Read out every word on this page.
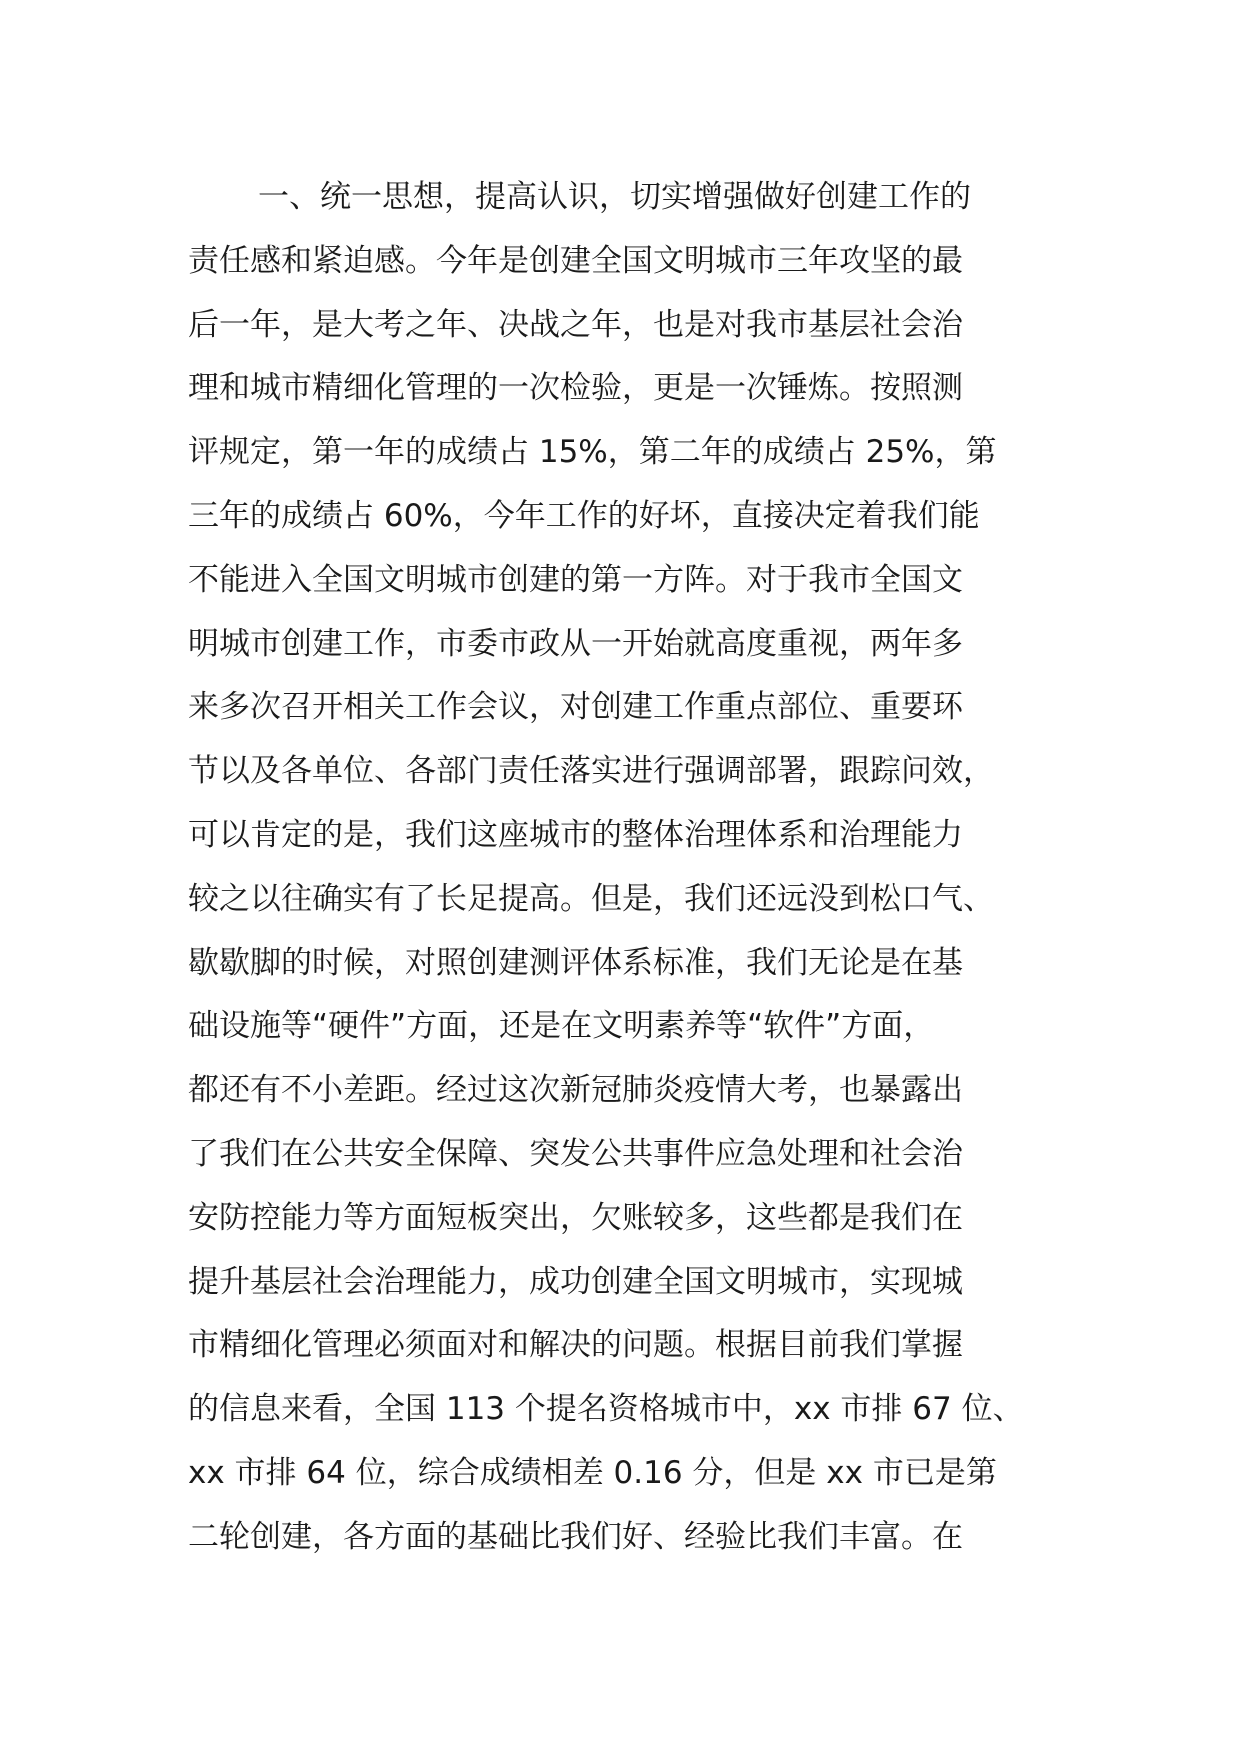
一、统一思想，提高认识，切实增强做好创建工作的
责任感和紧迫感。今年是创建全国文明城市三年攻坚的最
后一年，是大考之年、决战之年，也是对我市基层社会治
理和城市精细化管理的一次检验，更是一次锤炼。按照测
评规定，第一年的成绩占 15%，第二年的成绩占 25%，第
三年的成绩占 60%，今年工作的好坏，直接决定着我们能
不能进入全国文明城市创建的第一方阵。对于我市全国文
明城市创建工作，市委市政从一开始就高度重视，两年多
来多次召开相关工作会议，对创建工作重点部位、重要环
节以及各单位、各部门责任落实进行强调部署，跟踪问效，
可以肯定的是，我们这座城市的整体治理体系和治理能力
较之以往确实有了长足提高。但是，我们还远没到松口气、
歇歇脚的时候，对照创建测评体系标准，我们无论是在基
础设施等“硬件”方面，还是在文明素养等“软件”方面，
都还有不小差距。经过这次新冠肺炎疫情大考，也暴露出
了我们在公共安全保障、突发公共事件应急处理和社会治
安防控能力等方面短板突出，欠账较多，这些都是我们在
提升基层社会治理能力，成功创建全国文明城市，实现城
市精细化管理必须面对和解决的问题。根据目前我们掌握
的信息来看，全国 113 个提名资格城市中，xx 市排 67 位、
xx 市排 64 位，综合成绩相差 0.16 分，但是 xx 市已是第
二轮创建，各方面的基础比我们好、经验比我们丰富。在
